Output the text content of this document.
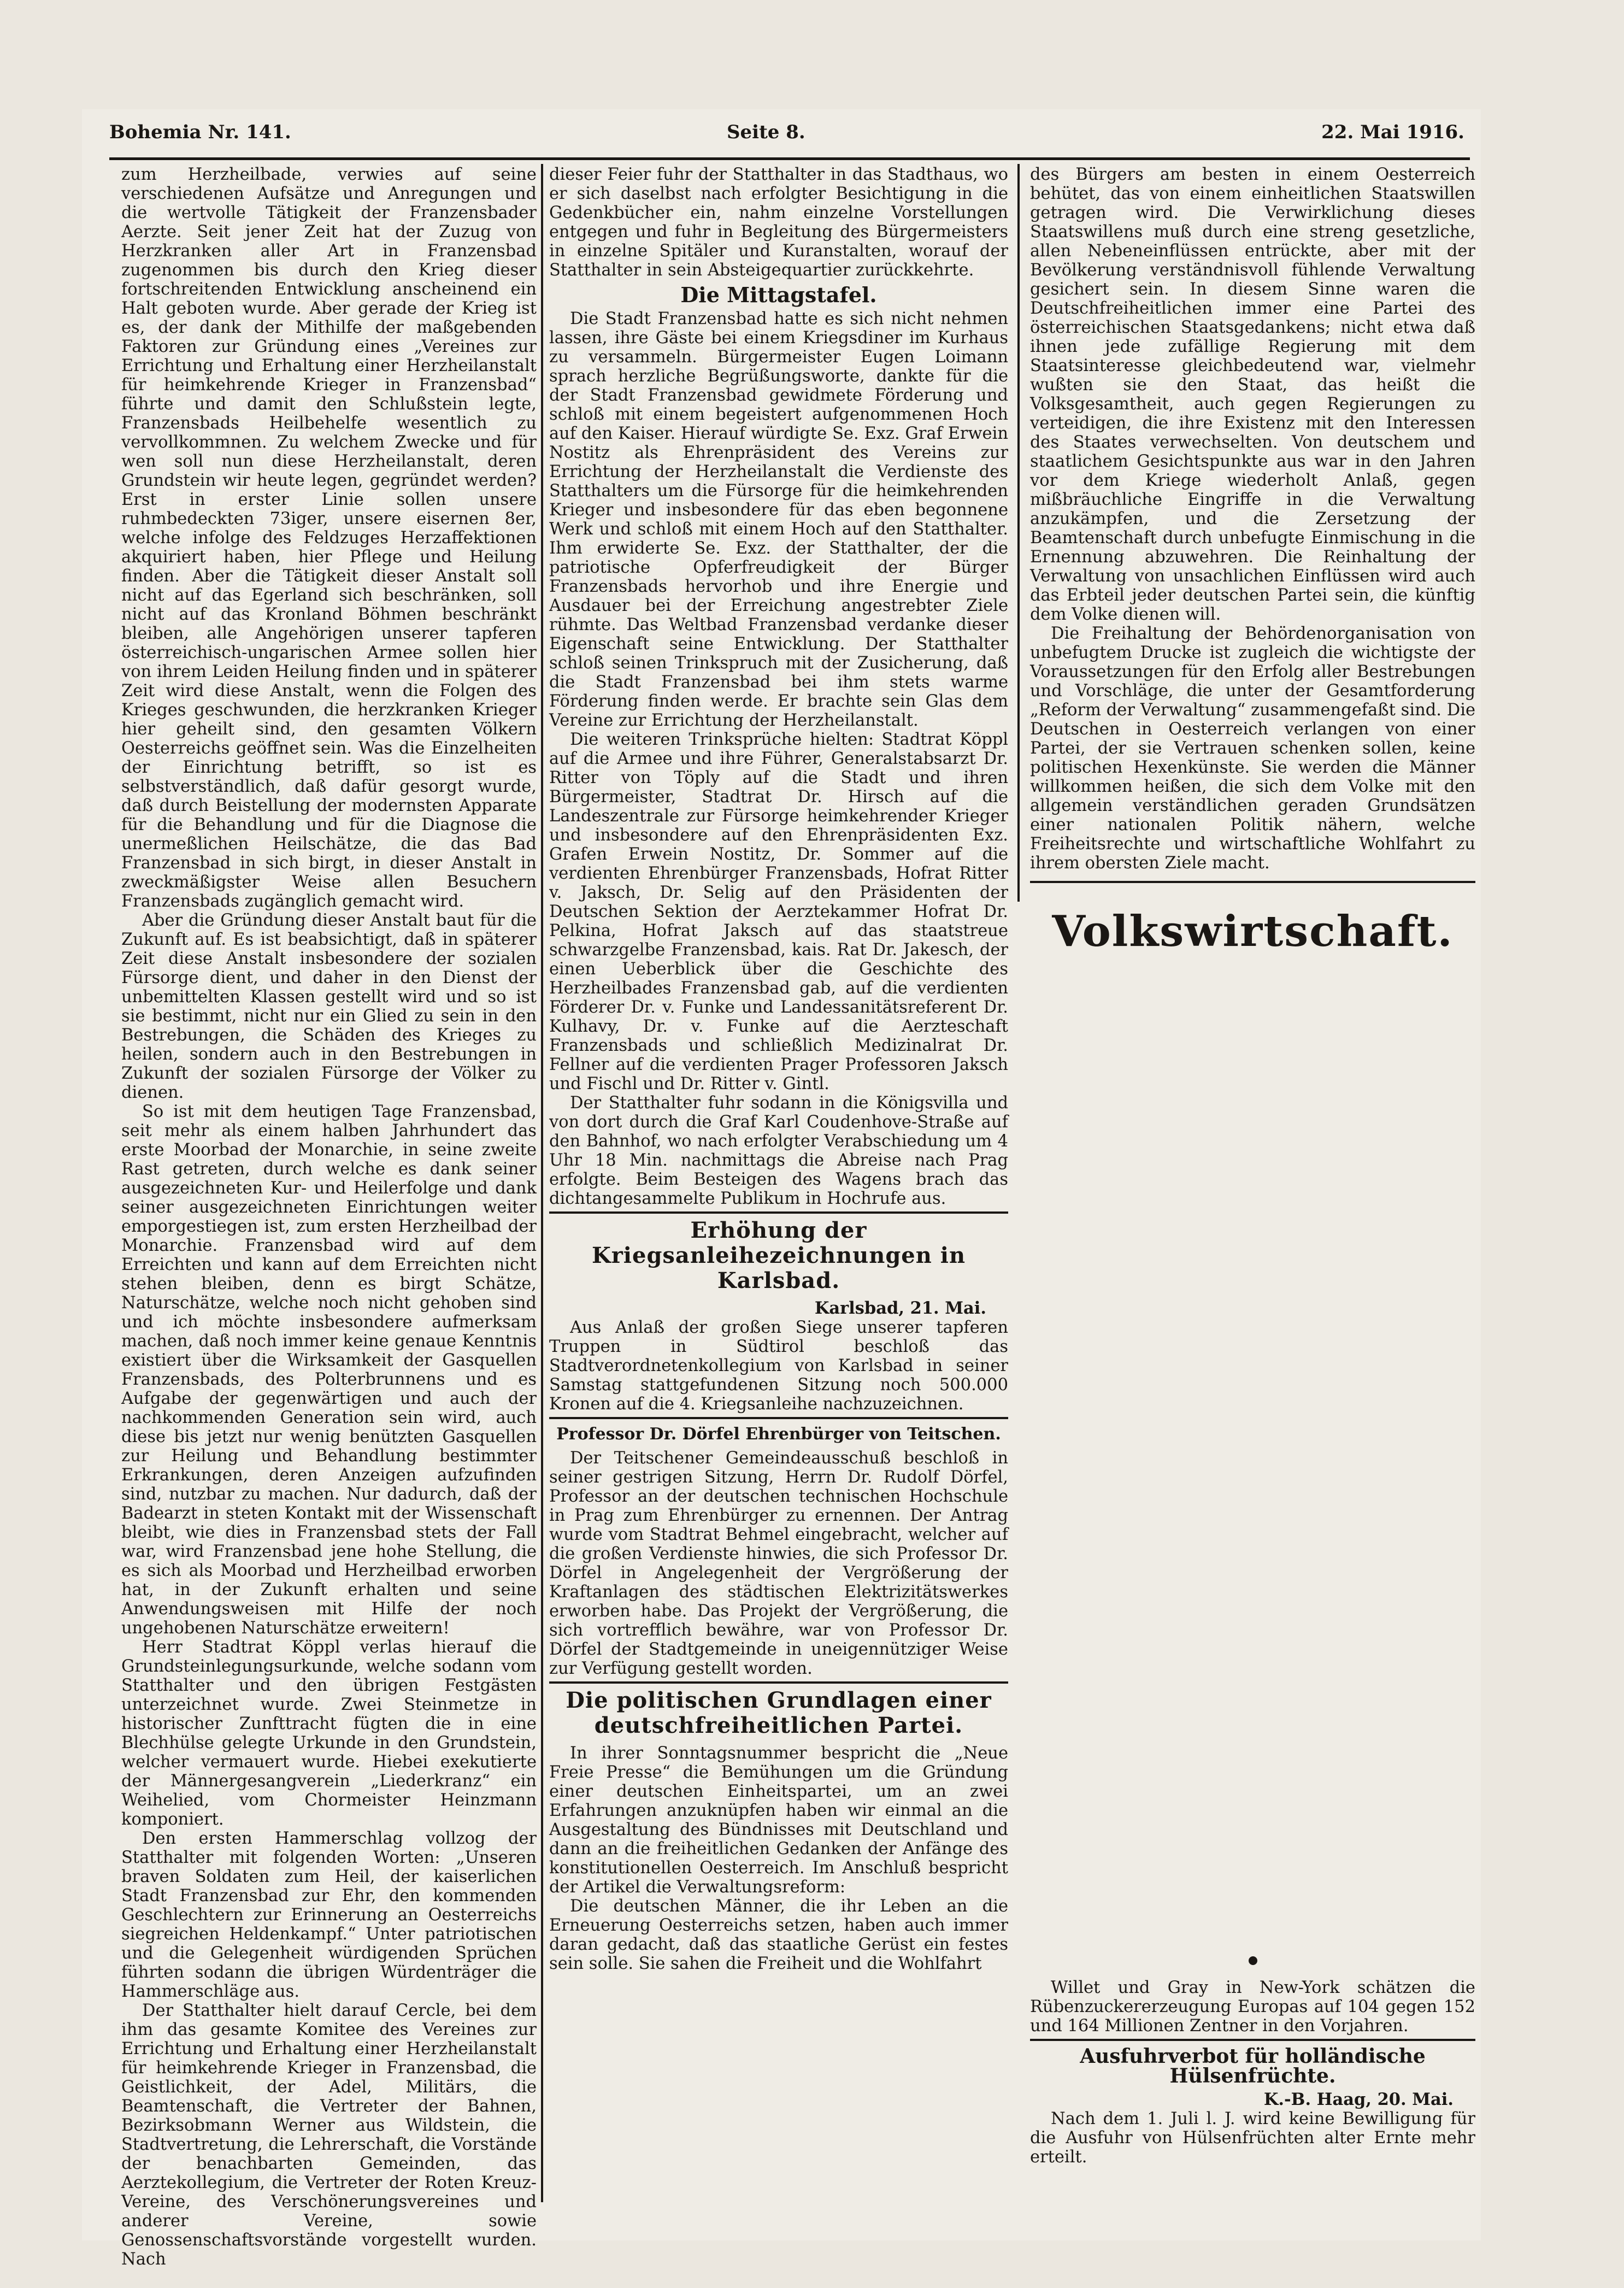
Bohemia Nr. 141.	Seite 8.	22. Mai 1916.

zum Herzheilbade, verwies auf seine verschiedenen Aufsätze und Anregungen und die wertvolle Tätigkeit der Franzensbader Aerzte. Seit jener Zeit hat der Zuzug von Herzkranken aller Art in Franzensbad zugenommen bis durch den Krieg dieser fortschreitenden Entwicklung anscheinend ein Halt geboten wurde. Aber gerade der Krieg ist es, der dank der Mithilfe der maßgebenden Faktoren zur Gründung eines „Vereines zur Errichtung und Erhaltung einer Herzheilanstalt für heimkehrende Krieger in Franzensbad“ führte und damit den Schlußstein legte, Franzensbads Heilbehelfe wesentlich zu vervollkommnen. Zu welchem Zwecke und für wen soll nun diese Herzheilanstalt, deren Grundstein wir heute legen, gegründet werden? Erst in erster Linie sollen unsere ruhmbedeckten 73iger, unsere eisernen 8er, welche infolge des Feldzuges Herzaffektionen akquiriert haben, hier Pflege und Heilung finden. Aber die Tätigkeit dieser Anstalt soll nicht auf das Egerland sich beschränken, soll nicht auf das Kronland Böhmen beschränkt bleiben, alle Angehörigen unserer tapferen österreichisch-ungarischen Armee sollen hier von ihrem Leiden Heilung finden und in späterer Zeit wird diese Anstalt, wenn die Folgen des Krieges geschwunden, die herzkranken Krieger hier geheilt sind, den gesamten Völkern Oesterreichs geöffnet sein. Was die Einzelheiten der Einrichtung betrifft, so ist es selbstverständlich, daß dafür gesorgt wurde, daß durch Beistellung der modernsten Apparate für die Behandlung und für die Diagnose die unermeßlichen Heilschätze, die das Bad Franzensbad in sich birgt, in dieser Anstalt in zweckmäßigster Weise allen Besuchern Franzensbads zugänglich gemacht wird.

Aber die Gründung dieser Anstalt baut für die Zukunft auf. Es ist beabsichtigt, daß in späterer Zeit diese Anstalt insbesondere der sozialen Fürsorge dient, und daher in den Dienst der unbemittelten Klassen gestellt wird und so ist sie bestimmt, nicht nur ein Glied zu sein in den Bestrebungen, die Schäden des Krieges zu heilen, sondern auch in den Bestrebungen in Zukunft der sozialen Fürsorge der Völker zu dienen.

So ist mit dem heutigen Tage Franzensbad, seit mehr als einem halben Jahrhundert das erste Moorbad der Monarchie, in seine zweite Rast getreten, durch welche es dank seiner ausgezeichneten Kur- und Heilerfolge und dank seiner ausgezeichneten Einrichtungen weiter emporgestiegen ist, zum ersten Herzheilbad der Monarchie. Franzensbad wird auf dem Erreichten und kann auf dem Erreichten nicht stehen bleiben, denn es birgt Schätze, Naturschätze, welche noch nicht gehoben sind und ich möchte insbesondere aufmerksam machen, daß noch immer keine genaue Kenntnis existiert über die Wirksamkeit der Gasquellen Franzensbads, des Polterbrunnens und es Aufgabe der gegenwärtigen und auch der nachkommenden Generation sein wird, auch diese bis jetzt nur wenig benützten Gasquellen zur Heilung und Behandlung bestimmter Erkrankungen, deren Anzeigen aufzufinden sind, nutzbar zu machen. Nur dadurch, daß der Badearzt in steten Kontakt mit der Wissenschaft bleibt, wie dies in Franzensbad stets der Fall war, wird Franzensbad jene hohe Stellung, die es sich als Moorbad und Herzheilbad erworben hat, in der Zukunft erhalten und seine Anwendungsweisen mit Hilfe der noch ungehobenen Naturschätze erweitern!

Herr Stadtrat Köppl verlas hierauf die Grundsteinlegungsurkunde, welche sodann vom Statthalter und den übrigen Festgästen unterzeichnet wurde. Zwei Steinmetze in historischer Zunfttracht fügten die in eine Blechhülse gelegte Urkunde in den Grundstein, welcher vermauert wurde. Hiebei exekutierte der Männergesangverein „Liederkranz“ ein Weihelied, vom Chormeister Heinzmann komponiert.

Den ersten Hammerschlag vollzog der Statthalter mit folgenden Worten: „Unseren braven Soldaten zum Heil, der kaiserlichen Stadt Franzensbad zur Ehr, den kommenden Geschlechtern zur Erinnerung an Oesterreichs siegreichen Heldenkampf.“ Unter patriotischen und die Gelegenheit würdigenden Sprüchen führten sodann die übrigen Würdenträger die Hammerschläge aus.

Der Statthalter hielt darauf Cercle, bei dem ihm das gesamte Komitee des Vereines zur Errichtung und Erhaltung einer Herzheilanstalt für heimkehrende Krieger in Franzensbad, die Geistlichkeit, der Adel, Militärs, die Beamtenschaft, die Vertreter der Bahnen, Bezirksobmann Werner aus Wildstein, die Stadtvertretung, die Lehrerschaft, die Vorstände der benachbarten Gemeinden, das Aerztekollegium, die Vertreter der Roten Kreuz-Vereine, des Verschönerungsvereines und anderer Vereine, sowie Genossenschaftsvorstände vorgestellt wurden. Nach

dieser Feier fuhr der Statthalter in das Stadthaus, wo er sich daselbst nach erfolgter Besichtigung in die Gedenkbücher ein, nahm einzelne Vorstellungen entgegen und fuhr in Begleitung des Bürgermeisters in einzelne Spitäler und Kuranstalten, worauf der Statthalter in sein Absteigequartier zurückkehrte.

Die Mittagstafel.

Die Stadt Franzensbad hatte es sich nicht nehmen lassen, ihre Gäste bei einem Kriegsdiner im Kurhaus zu versammeln. Bürgermeister Eugen Loimann sprach herzliche Begrüßungsworte, dankte für die der Stadt Franzensbad gewidmete Förderung und schloß mit einem begeistert aufgenommenen Hoch auf den Kaiser. Hierauf würdigte Se. Exz. Graf Erwein Nostitz als Ehrenpräsident des Vereins zur Errichtung der Herzheilanstalt die Verdienste des Statthalters um die Fürsorge für die heimkehrenden Krieger und insbesondere für das eben begonnene Werk und schloß mit einem Hoch auf den Statthalter. Ihm erwiderte Se. Exz. der Statthalter, der die patriotische Opferfreudigkeit der Bürger Franzensbads hervorhob und ihre Energie und Ausdauer bei der Erreichung angestrebter Ziele rühmte. Das Weltbad Franzensbad verdanke dieser Eigenschaft seine Entwicklung. Der Statthalter schloß seinen Trinkspruch mit der Zusicherung, daß die Stadt Franzensbad bei ihm stets warme Förderung finden werde. Er brachte sein Glas dem Vereine zur Errichtung der Herzheilanstalt.

Die weiteren Trinksprüche hielten: Stadtrat Köppl auf die Armee und ihre Führer, Generalstabsarzt Dr. Ritter von Töply auf die Stadt und ihren Bürgermeister, Stadtrat Dr. Hirsch auf die Landeszentrale zur Fürsorge heimkehrender Krieger und insbesondere auf den Ehrenpräsidenten Exz. Grafen Erwein Nostitz, Dr. Sommer auf die verdienten Ehrenbürger Franzensbads, Hofrat Ritter v. Jaksch, Dr. Selig auf den Präsidenten der Deutschen Sektion der Aerztekammer Hofrat Dr. Pelkina, Hofrat Jaksch auf das staatstreue schwarzgelbe Franzensbad, kais. Rat Dr. Jakesch, der einen Ueberblick über die Geschichte des Herzheilbades Franzensbad gab, auf die verdienten Förderer Dr. v. Funke und Landessanitätsreferent Dr. Kulhavy, Dr. v. Funke auf die Aerzteschaft Franzensbads und schließlich Medizinalrat Dr. Fellner auf die verdienten Prager Professoren Jaksch und Fischl und Dr. Ritter v. Gintl.

Der Statthalter fuhr sodann in die Königsvilla und von dort durch die Graf Karl Coudenhove-Straße auf den Bahnhof, wo nach erfolgter Verabschiedung um 4 Uhr 18 Min. nachmittags die Abreise nach Prag erfolgte. Beim Besteigen des Wagens brach das dichtangesammelte Publikum in Hochrufe aus.

Erhöhung der Kriegsanleihezeichnungen in Karlsbad.
Karlsbad, 21. Mai.

Aus Anlaß der großen Siege unserer tapferen Truppen in Südtirol beschloß das Stadtverordnetenkollegium von Karlsbad in seiner Samstag stattgefundenen Sitzung noch 500.000 Kronen auf die 4. Kriegsanleihe nachzuzeichnen.

Professor Dr. Dörfel Ehrenbürger von Teitschen.

Der Teitschener Gemeindeausschuß beschloß in seiner gestrigen Sitzung, Herrn Dr. Rudolf Dörfel, Professor an der deutschen technischen Hochschule in Prag zum Ehrenbürger zu ernennen. Der Antrag wurde vom Stadtrat Behmel eingebracht, welcher auf die großen Verdienste hinwies, die sich Professor Dr. Dörfel in Angelegenheit der Vergrößerung der Kraftanlagen des städtischen Elektrizitätswerkes erworben habe. Das Projekt der Vergrößerung, die sich vortrefflich bewähre, war von Professor Dr. Dörfel der Stadtgemeinde in uneigennütziger Weise zur Verfügung gestellt worden.

Die politischen Grundlagen einer deutschfreiheitlichen Partei.

In ihrer Sonntagsnummer bespricht die „Neue Freie Presse“ die Bemühungen um die Gründung einer deutschen Einheitspartei, um an zwei Erfahrungen anzuknüpfen haben wir einmal an die Ausgestaltung des Bündnisses mit Deutschland und dann an die freiheitlichen Gedanken der Anfänge des konstitutionellen Oesterreich. Im Anschluß bespricht der Artikel die Verwaltungsreform:

Die deutschen Männer, die ihr Leben an die Erneuerung Oesterreichs setzen, haben auch immer daran gedacht, daß das staatliche Gerüst ein festes sein solle. Sie sahen die Freiheit und die Wohlfahrt

des Bürgers am besten in einem Oesterreich behütet, das von einem einheitlichen Staatswillen getragen wird. Die Verwirklichung dieses Staatswillens muß durch eine streng gesetzliche, allen Nebeneinflüssen entrückte, aber mit der Bevölkerung verständnisvoll fühlende Verwaltung gesichert sein. In diesem Sinne waren die Deutschfreiheitlichen immer eine Partei des österreichischen Staatsgedankens; nicht etwa daß ihnen jede zufällige Regierung mit dem Staatsinteresse gleichbedeutend war, vielmehr wußten sie den Staat, das heißt die Volksgesamtheit, auch gegen Regierungen zu verteidigen, die ihre Existenz mit den Interessen des Staates verwechselten. Von deutschem und staatlichem Gesichtspunkte aus war in den Jahren vor dem Kriege wiederholt Anlaß, gegen mißbräuchliche Eingriffe in die Verwaltung anzukämpfen, und die Zersetzung der Beamtenschaft durch unbefugte Einmischung in die Ernennung abzuwehren. Die Reinhaltung der Verwaltung von unsachlichen Einflüssen wird auch das Erbteil jeder deutschen Partei sein, die künftig dem Volke dienen will.

Die Freihaltung der Behördenorganisation von unbefugtem Drucke ist zugleich die wichtigste der Voraussetzungen für den Erfolg aller Bestrebungen und Vorschläge, die unter der Gesamtforderung „Reform der Verwaltung“ zusammengefaßt sind. Die Deutschen in Oesterreich verlangen von einer Partei, der sie Vertrauen schenken sollen, keine politischen Hexenkünste. Sie werden die Männer willkommen heißen, die sich dem Volke mit den allgemein verständlichen geraden Grundsätzen einer nationalen Politik nähern, welche Freiheitsrechte und wirtschaftliche Wohlfahrt zu ihrem obersten Ziele macht.

Volkswirtschaft.

Willet und Gray in New-York schätzen die Rübenzuckererzeugung Europas auf 104 gegen 152 und 164 Millionen Zentner in den Vorjahren.

Ausfuhrverbot für holländische Hülsenfrüchte.
K.-B. Haag, 20. Mai.

Nach dem 1. Juli l. J. wird keine Bewilligung für die Ausfuhr von Hülsenfrüchten alter Ernte mehr erteilt.
